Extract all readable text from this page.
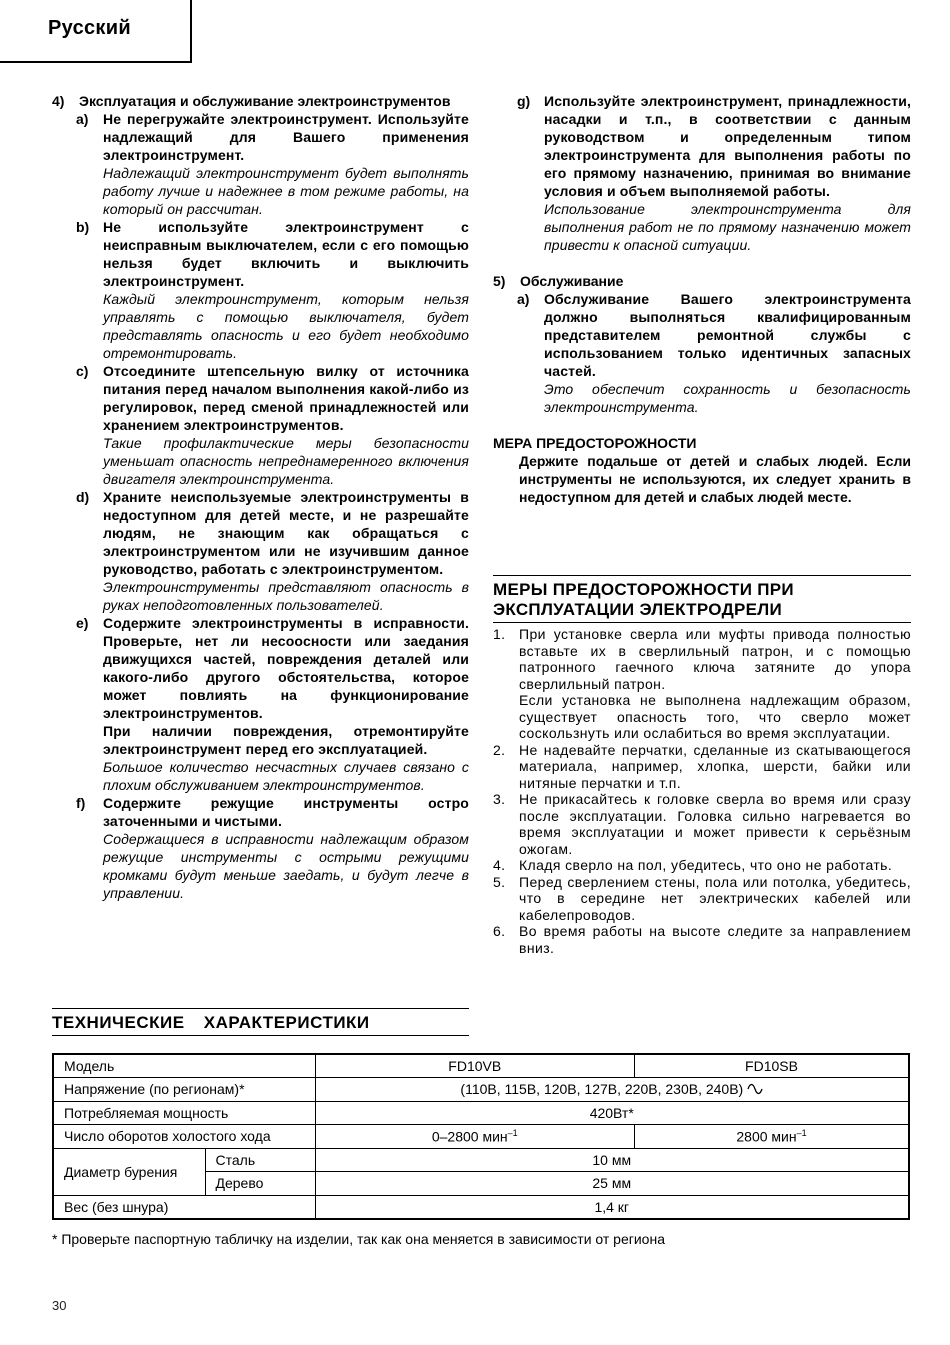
Русский
4) Эксплуатация и обслуживание электроинструментов
a) Не перегружайте электроинструмент. Используйте надлежащий для Вашего применения электроинструмент.
Надлежащий электроинструмент будет выполнять работу лучше и надежнее в том режиме работы, на который он рассчитан.
b) Не используйте электроинструмент с неисправным выключателем, если с его помощью нельзя будет включить и выключить электроинструмент.
Каждый электроинструмент, которым нельзя управлять с помощью выключателя, будет представлять опасность и его будет необходимо отремонтировать.
c) Отсоедините штепсельную вилку от источника питания перед началом выполнения какой-либо из регулировок, перед сменой принадлежностей или хранением электроинструментов.
Такие профилактические меры безопасности уменьшат опасность непреднамеренного включения двигателя электроинструмента.
d) Храните неиспользуемые электроинструменты в недоступном для детей месте, и не разрешайте людям, не знающим как обращаться с электроинструментом или не изучившим данное руководство, работать с электроинструментом.
Электроинструменты представляют опасность в руках неподготовленных пользователей.
e) Содержите электроинструменты в исправности. Проверьте, нет ли несоосности или заедания движущихся частей, повреждения деталей или какого-либо другого обстоятельства, которое может повлиять на функционирование электроинструментов.
При наличии повреждения, отремонтируйте электроинструмент перед его эксплуатацией.
Большое количество несчастных случаев связано с плохим обслуживанием электроинструментов.
f) Содержите режущие инструменты остро заточенными и чистыми.
Содержащиеся в исправности надлежащим образом режущие инструменты с острыми режущими кромками будут меньше заедать, и будут легче в управлении.
g) Используйте электроинструмент, принадлежности, насадки и т.п., в соответствии с данным руководством и определенным типом электроинструмента для выполнения работы по его прямому назначению, принимая во внимание условия и объем выполняемой работы.
Использование электроинструмента для выполнения работ не по прямому назначению может привести к опасной ситуации.
5) Обслуживание
a) Обслуживание Вашего электроинструмента должно выполняться квалифицированным представителем ремонтной службы с использованием только идентичных запасных частей.
Это обеспечит сохранность и безопасность электроинструмента.
МЕРА ПРЕДОСТОРОЖНОСТИ
Держите подальше от детей и слабых людей. Если инструменты не используются, их следует хранить в недоступном для детей и слабых людей месте.
МЕРЫ ПРЕДОСТОРОЖНОСТИ ПРИ
ЭКСПЛУАТАЦИИ ЭЛЕКТРОДРЕЛИ
1. При установке сверла или муфты привода полностью вставьте их в сверлильный патрон, и с помощью патронного гаечного ключа затяните до упора сверлильный патрон.
Если установка не выполнена надлежащим образом, существует опасность того, что сверло может соскользнуть или ослабиться во время эксплуатации.
2. Не надевайте перчатки, сделанные из скатывающегося материала, например, хлопка, шерсти, байки или нитяные перчатки и т.п.
3. Не прикасайтесь к головке сверла во время или сразу после эксплуатации. Головка сильно нагревается во время эксплуатации и может привести к серьёзным ожогам.
4. Кладя сверло на пол, убедитесь, что оно не работать.
5. Перед сверлением стены, пола или потолка, убедитесь, что в середине нет электрических кабелей или кабелепроводов.
6. Во время работы на высоте следите за направлением вниз.
ТЕХНИЧЕСКИЕ ХАРАКТЕРИСТИКИ
Модель		FD10VB	FD10SB
Напряжение (по регионам)*		(110В, 115В, 120В, 127В, 220В, 230В, 240В)	
Потребляемая мощность		420Вт*	
Число оборотов холостого хода		0–2800 мин$^{-1}$	2800 мин$^{-1}$
Диаметр бурения	Сталь	10 мм	
	Дерево	25 мм	
Вес (без шнура)		1,4 кг	
* Проверьте паспортную табличку на изделии, так как она меняется в зависимости от региона
30
